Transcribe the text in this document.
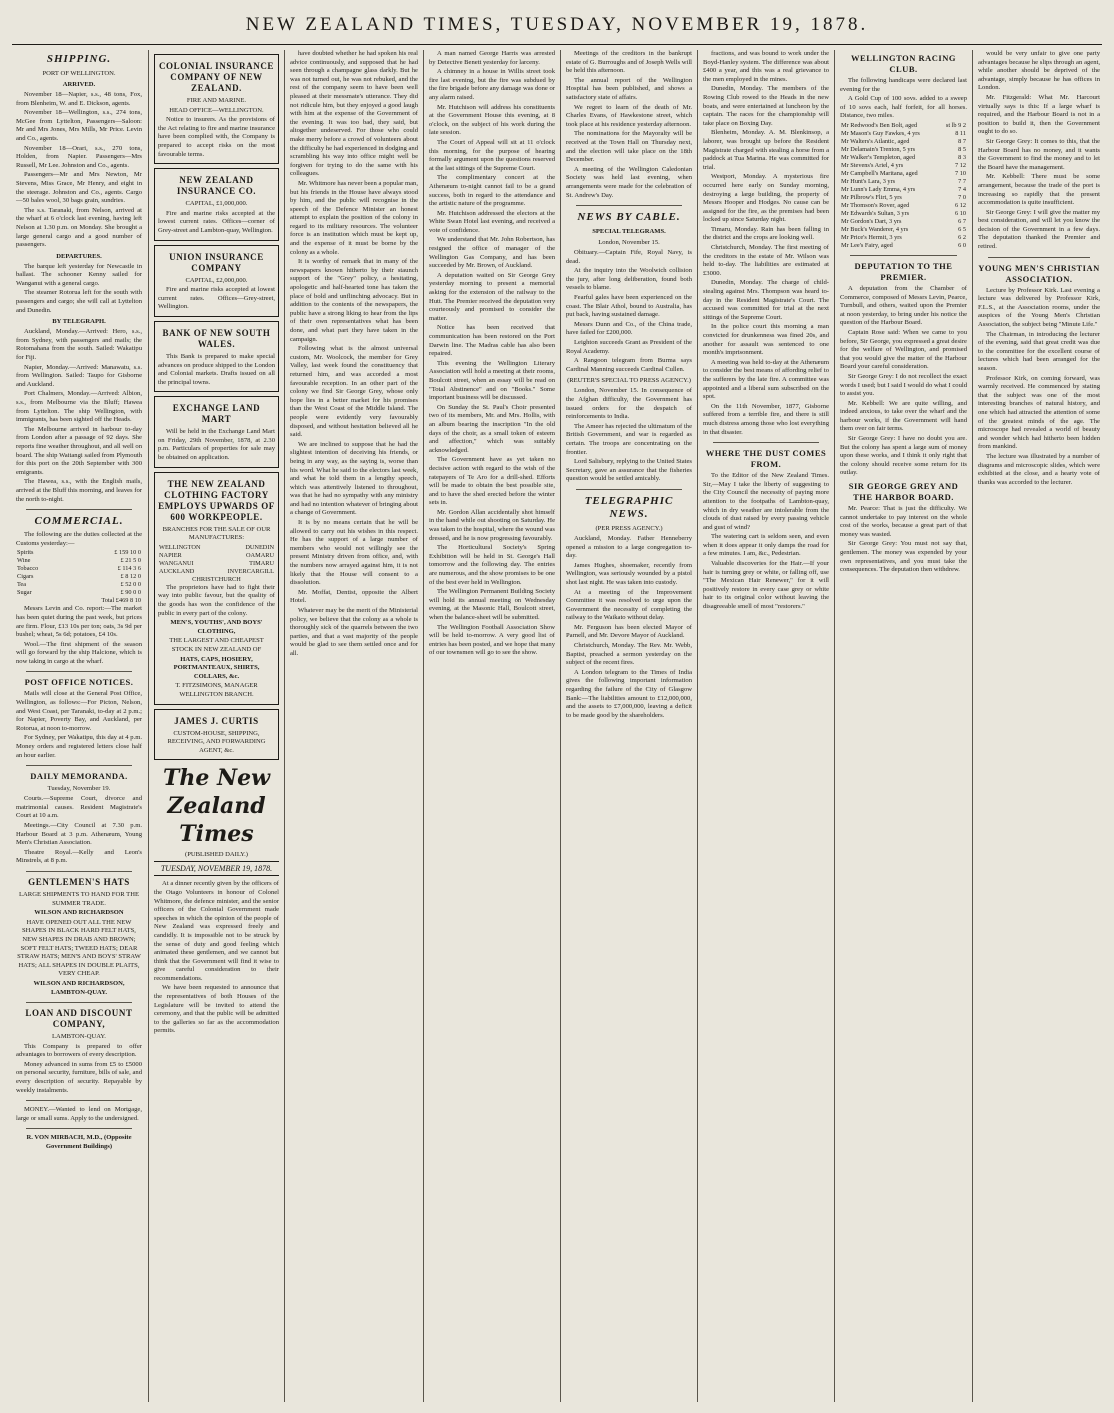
NEW ZEALAND TIMES, TUESDAY, NOVEMBER 19, 1878.
SHIPPING.
PORT OF WELLINGTON.
ARRIVED.

November 18—Napier, s.s., 48 tons, Fox, from Blenheim, W. and E. Dickson, agents.

November 18—Wellington, s.s., 274 tons, McGee from Lyttelton, Passengers—Saloon: Mr and Mrs Jones, Mrs Mills, Mr Price. Levin and Co., agents.

November 18—Orari, s.s., 270 tons, Holden, from Napier. Passengers—Mrs Russell, Mr Lee. Johnston and Co., agents.

Passengers—Mr and Mrs Newton, Mr Stevens, Miss Grace, Mr Henry, and eight in the steerage. Johnston and Co., agents. Cargo—50 bales wool, 30 bags grain, sundries.

The s.s. Taranaki, from Nelson, arrived at the wharf at 6 o'clock last evening, having left Nelson at 1.30 p.m. on Monday. She brought a large general cargo and a good number of passengers.

DEPARTURES.

The barque left yesterday for Newcastle in ballast. The schooner Kenny sailed for Wanganui with a general cargo.

The steamer Rotorua left for the south with passengers and cargo; she will call at Lyttelton and Dunedin.

BY TELEGRAPH.

Auckland, Monday.—Arrived: Hero, s.s., from Sydney, with passengers and mails; the Rotomahana from the south. Sailed: Wakatipu for Fiji.

Napier, Monday.—Arrived: Manawatu, s.s. from Wellington. Sailed: Taupo for Gisborne and Auckland.

Port Chalmers, Monday.—Arrived: Albion, s.s., from Melbourne via the Bluff; Hawea from Lyttelton. The ship Wellington, with immigrants, has been sighted off the Heads.

The Melbourne arrived in harbour to-day from London after a passage of 92 days. She reports fine weather throughout, and all well on board. The ship Waitangi sailed from Plymouth for this port on the 20th September with 300 emigrants.

The Hawea, s.s., with the English mails, arrived at the Bluff this morning, and leaves for the north to-night.

COMMERCIAL.

The following are the duties collected at the Customs yesterday:—

Spirits	£ 159 10 0
Wine	£ 21 5 0
Tobacco	£ 114 3 6
Cigars	£ 8 12 0
Tea	£ 52 0 0
Sugar	£ 90 0 0
Total £469 8 10	

Messrs Levin and Co. report:—The market has been quiet during the past week, but prices are firm. Flour, £13 10s per ton; oats, 3s 9d per bushel; wheat, 5s 6d; potatoes, £4 10s.

Wool.—The first shipment of the season will go forward by the ship Halcione, which is now taking in cargo at the wharf.

POST OFFICE NOTICES.

Mails will close at the General Post Office, Wellington, as follows:—For Picton, Nelson, and West Coast, per Taranaki, to-day at 2 p.m.; for Napier, Poverty Bay, and Auckland, per Rotorua, at noon to-morrow.

For Sydney, per Wakatipu, this day at 4 p.m. Money orders and registered letters close half an hour earlier.

DAILY MEMORANDA.
Tuesday, November 19.

Courts.—Supreme Court, divorce and matrimonial causes. Resident Magistrate's Court at 10 a.m.

Meetings.—City Council at 7.30 p.m. Harbour Board at 3 p.m. Athenæum, Young Men's Christian Association.

Theatre Royal.—Kelly and Leon's Minstrels, at 8 p.m.

GENTLEMEN'S HATS

LARGE SHIPMENTS TO HAND FOR THE SUMMER TRADE.

WILSON AND RICHARDSON

HAVE OPENED OUT ALL THE NEW SHAPES IN BLACK HARD FELT HATS, NEW SHAPES IN DRAB AND BROWN; SOFT FELT HATS; TWEED HATS; DEAR STRAW HATS; MEN'S AND BOYS' STRAW HATS; ALL SHAPES IN DOUBLE PLAITS, VERY CHEAP.

WILSON AND RICHARDSON, LAMBTON-QUAY.

LOAN AND DISCOUNT COMPANY,

LAMBTON-QUAY.

This Company is prepared to offer advantages to borrowers of every description.

Money advanced in sums from £5 to £5000 on personal security, furniture, bills of sale, and every description of security. Repayable by weekly instalments.

MONEY.—Wanted to lend on Mortgage, large or small sums. Apply to the undersigned.

R. VON MIRBACH, M.D., (Opposite Government Buildings)

COLONIAL INSURANCE COMPANY OF NEW ZEALAND.

FIRE AND MARINE.

HEAD OFFICE—WELLINGTON.

Notice to insurers. As the provisions of the Act relating to fire and marine insurance have been complied with, the Company is prepared to accept risks on the most favourable terms.

NEW ZEALAND INSURANCE CO.

CAPITAL, £1,000,000.

Fire and marine risks accepted at the lowest current rates. Offices—corner of Grey-street and Lambton-quay, Wellington.

UNION INSURANCE COMPANY

CAPITAL, £2,000,000.

Fire and marine risks accepted at lowest current rates. Offices—Grey-street, Wellington.

BANK OF NEW SOUTH WALES.

This Bank is prepared to make special advances on produce shipped to the London and Colonial markets. Drafts issued on all the principal towns.

EXCHANGE LAND MART

Will be held in the Exchange Land Mart on Friday, 29th November, 1878, at 2.30 p.m. Particulars of properties for sale may be obtained on application.

THE NEW ZEALAND CLOTHING FACTORY EMPLOYS UPWARDS OF 600 WORKPEOPLE.

BRANCHES FOR THE SALE OF OUR MANUFACTURES:

WELLINGTON	DUNEDIN
NAPIER	OAMARU
WANGANUI	TIMARU
AUCKLAND	INVERCARGILL
CHRISTCHURCH	

The proprietors have had to fight their way into public favour, but the quality of the goods has won the confidence of the public in every part of the colony.

MEN'S, YOUTHS', AND BOYS' CLOTHING,

THE LARGEST AND CHEAPEST STOCK IN NEW ZEALAND OF

HATS, CAPS, HOSIERY, PORTMANTEAUX, SHIRTS, COLLARS, &c.

T. FITZSIMONS, MANAGER WELLINGTON BRANCH.

JAMES J. CURTIS

CUSTOM-HOUSE, SHIPPING, RECEIVING, AND FORWARDING AGENT, &c.

The New Zealand Times
(PUBLISHED DAILY.)
TUESDAY, NOVEMBER 19, 1878.

At a dinner recently given by the officers of the Otago Volunteers in honour of Colonel Whitmore, the defence minister, and the senior officers of the Colonial Government made speeches in which the opinion of the people of New Zealand was expressed freely and candidly. It is impossible not to be struck by the sense of duty and good feeling which animated these gentlemen, and we cannot but think that the Government will find it wise to give careful consideration to their recommendations.

We have been requested to announce that the representatives of both Houses of the Legislature will be invited to attend the ceremony, and that the public will be admitted to the galleries so far as the accommodation permits.

have doubted whether he had spoken his real advice continuously, and supposed that he had seen through a champagne glass darkly. But he was not turned out, he was not rebuked, and the rest of the company seem to have been well pleased at their messmate's utterance. They did not ridicule him, but they enjoyed a good laugh with him at the expense of the Government of the evening. It was too bad, they said, but altogether undeserved. For those who could make merry before a crowd of volunteers about the difficulty he had experienced in dodging and scrambling his way into office might well be forgiven for trying to do the same with his colleagues.

Mr. Whitmore has never been a popular man, but his friends in the House have always stood by him, and the public will recognise in the speech of the Defence Minister an honest attempt to explain the position of the colony in regard to its military resources. The volunteer force is an institution which must be kept up, and the expense of it must be borne by the colony as a whole.

It is worthy of remark that in many of the newspapers known hitherto by their staunch support of the "Grey" policy, a hesitating, apologetic and half-hearted tone has taken the place of bold and unflinching advocacy. But in addition to the contents of the newspapers, the public have a strong liking to hear from the lips of their own representatives what has been done, and what part they have taken in the campaign.

Following what is the almost universal custom, Mr. Woolcock, the member for Grey Valley, last week found the constituency that returned him, and was accorded a most favourable reception. In an other part of the colony we find Sir George Grey, whose only hope lies in a better market for his promises than the West Coast of the Middle Island. The people were evidently very favourably disposed, and without hesitation believed all he said.

We are inclined to suppose that he had the slightest intention of deceiving his friends, or being in any way, as the saying is, worse than his word. What he said to the electors last week, and what he told them in a lengthy speech, which was attentively listened to throughout, was that he had no sympathy with any ministry and had no intention whatever of bringing about a change of Government.

It is by no means certain that he will be allowed to carry out his wishes in this respect. He has the support of a large number of members who would not willingly see the present Ministry driven from office, and, with the numbers now arrayed against him, it is not likely that the House will consent to a dissolution.

Mr. Moffat, Dentist, opposite the Albert Hotel.

Whatever may be the merit of the Ministerial policy, we believe that the colony as a whole is thoroughly sick of the quarrels between the two parties, and that a vast majority of the people would be glad to see them settled once and for all.

A man named George Harris was arrested by Detective Benett yesterday for larceny.

A chimney in a house in Willis street took fire last evening, but the fire was subdued by the fire brigade before any damage was done or any alarm raised.

Mr. Hutchison will address his constituents at the Government House this evening, at 8 o'clock, on the subject of his work during the late session.

The Court of Appeal will sit at 11 o'clock this morning, for the purpose of hearing formally argument upon the questions reserved at the last sittings of the Supreme Court.

The complimentary concert at the Athenæum to-night cannot fail to be a grand success, both in regard to the attendance and the artistic nature of the programme.

Mr. Hutchison addressed the electors at the White Swan Hotel last evening, and received a vote of confidence.

We understand that Mr. John Robertson, has resigned the office of manager of the Wellington Gas Company, and has been succeeded by Mr. Brown, of Auckland.

A deputation waited on Sir George Grey yesterday morning to present a memorial asking for the extension of the railway to the Hutt. The Premier received the deputation very courteously and promised to consider the matter.

Notice has been received that communication has been restored on the Port Darwin line. The Madras cable has also been repaired.

This evening the Wellington Literary Association will hold a meeting at their rooms, Boulcott street, when an essay will be read on "Total Abstinence" and on "Books." Some important business will be discussed.

On Sunday the St. Paul's Choir presented two of its members, Mr. and Mrs. Hollis, with an album bearing the inscription "In the old days of the choir, as a small token of esteem and affection," which was suitably acknowledged.

The Government have as yet taken no decisive action with regard to the wish of the ratepayers of Te Aro for a drill-shed. Efforts will be made to obtain the best possible site, and to have the shed erected before the winter sets in.

Mr. Gordon Allan accidentally shot himself in the hand while out shooting on Saturday. He was taken to the hospital, where the wound was dressed, and he is now progressing favourably.

The Horticultural Society's Spring Exhibition will be held in St. George's Hall tomorrow and the following day. The entries are numerous, and the show promises to be one of the best ever held in Wellington.

The Wellington Permanent Building Society will hold its annual meeting on Wednesday evening, at the Masonic Hall, Boulcott street, when the balance-sheet will be submitted.

The Wellington Football Association Show will be held to-morrow. A very good list of entries has been posted, and we hope that many of our townsmen will go to see the show.

Meetings of the creditors in the bankrupt estate of G. Burroughs and of Joseph Wells will be held this afternoon.

The annual report of the Wellington Hospital has been published, and shows a satisfactory state of affairs.

We regret to learn of the death of Mr. Charles Evans, of Hawkestone street, which took place at his residence yesterday afternoon.

The nominations for the Mayoralty will be received at the Town Hall on Thursday next, and the election will take place on the 18th December.

A meeting of the Wellington Caledonian Society was held last evening, when arrangements were made for the celebration of St. Andrew's Day.

NEWS BY CABLE.
SPECIAL TELEGRAMS.
London, November 15.

Obituary.—Captain Fife, Royal Navy, is dead.

At the inquiry into the Woolwich collision the jury, after long deliberation, found both vessels to blame.

Fearful gales have been experienced on the coast. The Blair Athol, bound to Australia, has put back, having sustained damage.

Messrs Dunn and Co., of the China trade, have failed for £200,000.

Leighton succeeds Grant as President of the Royal Academy.

A Rangoon telegram from Burma says Cardinal Manning succeeds Cardinal Cullen.

(REUTER'S SPECIAL TO PRESS AGENCY.)

London, November 15. In consequence of the Afghan difficulty, the Government has issued orders for the despatch of reinforcements to India.

The Ameer has rejected the ultimatum of the British Government, and war is regarded as certain. The troops are concentrating on the frontier.

Lord Salisbury, replying to the United States Secretary, gave an assurance that the fisheries question would be settled amicably.

TELEGRAPHIC NEWS.
(PER PRESS AGENCY.)

Auckland, Monday. Father Henneberry opened a mission to a large congregation to-day.

James Hughes, shoemaker, recently from Wellington, was seriously wounded by a pistol shot last night. He was taken into custody.

At a meeting of the Improvement Committee it was resolved to urge upon the Government the necessity of completing the railway to the Waikato without delay.

Mr. Ferguson has been elected Mayor of Parnell, and Mr. Devore Mayor of Auckland.

Christchurch, Monday. The Rev. Mr. Webb, Baptist, preached a sermon yesterday on the subject of the recent fires.

A London telegram to the Times of India gives the following important information regarding the failure of the City of Glasgow Bank:—The liabilities amount to £12,000,000, and the assets to £7,000,000, leaving a deficit to be made good by the shareholders.

fractions, and was bound to work under the Boyd-Hanley system. The difference was about £400 a year, and this was a real grievance to the men employed in the mines.

Dunedin, Monday. The members of the Rowing Club rowed to the Heads in the new boats, and were entertained at luncheon by the captain. The races for the championship will take place on Boxing Day.

Blenheim, Monday. A. M. Blenkinsop, a laborer, was brought up before the Resident Magistrate charged with stealing a horse from a paddock at Tua Marina. He was committed for trial.

Westport, Monday. A mysterious fire occurred here early on Sunday morning, destroying a large building, the property of Messrs Hooper and Hodges. No cause can be assigned for the fire, as the premises had been locked up since Saturday night.

Timaru, Monday. Rain has been falling in the district and the crops are looking well.

Christchurch, Monday. The first meeting of the creditors in the estate of Mr. Wilson was held to-day. The liabilities are estimated at £3000.

Dunedin, Monday. The charge of child-stealing against Mrs. Thompson was heard to-day in the Resident Magistrate's Court. The accused was committed for trial at the next sittings of the Supreme Court.

In the police court this morning a man convicted for drunkenness was fined 20s, and another for assault was sentenced to one month's imprisonment.

A meeting was held to-day at the Athenæum to consider the best means of affording relief to the sufferers by the late fire. A committee was appointed and a liberal sum subscribed on the spot.

On the 11th November, 1877, Gisborne suffered from a terrible fire, and there is still much distress among those who lost everything in that disaster.

WHERE THE DUST COMES FROM.

To the Editor of the New Zealand Times. Sir,—May I take the liberty of suggesting to the City Council the necessity of paying more attention to the footpaths of Lambton-quay, which in dry weather are intolerable from the clouds of dust raised by every passing vehicle and gust of wind?

The watering cart is seldom seen, and even when it does appear it only damps the road for a few minutes. I am, &c., Pedestrian.

Valuable discoveries for the Hair.—If your hair is turning grey or white, or falling off, use "The Mexican Hair Renewer," for it will positively restore in every case grey or white hair to its original color without leaving the disagreeable smell of most "restorers."

WELLINGTON RACING CLUB.

The following handicaps were declared last evening for the

A Gold Cup of 100 sovs. added to a sweep of 10 sovs each, half forfeit, for all horses. Distance, two miles.

Mr Redwood's Ben Bolt, aged	st lb 9 2
Mr Mason's Guy Fawkes, 4 yrs	8 11
Mr Walters's Atlantic, aged	8 7
Mr Delamain's Trenton, 5 yrs	8 5
Mr Walker's Templeton, aged	8 3
Mr Stevens's Ariel, 4 yrs	7 12
Mr Campbell's Maritana, aged	7 10
Mr Hunt's Lara, 3 yrs	7 7
Mr Lunn's Lady Emma, 4 yrs	7 4
Mr Pilbrow's Flirt, 5 yrs	7 0
Mr Thomson's Rover, aged	6 12
Mr Edwards's Sultan, 3 yrs	6 10
Mr Gordon's Dart, 3 yrs	6 7
Mr Buck's Wanderer, 4 yrs	6 5
Mr Price's Hermit, 3 yrs	6 2
Mr Lee's Fairy, aged	6 0
DEPUTATION TO THE PREMIER.

A deputation from the Chamber of Commerce, composed of Messrs Levin, Pearce, Turnbull, and others, waited upon the Premier at noon yesterday, to bring under his notice the question of the Harbour Board.

Captain Rose said: When we came to you before, Sir George, you expressed a great desire for the welfare of Wellington, and promised that you would give the matter of the Harbour Board your careful consideration.

Sir George Grey: I do not recollect the exact words I used; but I said I would do what I could to assist you.

Mr. Kebbell: We are quite willing, and indeed anxious, to take over the wharf and the harbour works, if the Government will hand them over on fair terms.

Sir George Grey: I have no doubt you are. But the colony has spent a large sum of money upon these works, and I think it only right that the colony should receive some return for its outlay.

SIR GEORGE GREY AND THE HARBOR BOARD.

Mr. Pearce: That is just the difficulty. We cannot undertake to pay interest on the whole cost of the works, because a great part of that money was wasted.

Sir George Grey: You must not say that, gentlemen. The money was expended by your own representatives, and you must take the consequences. The deputation then withdrew.

would be very unfair to give one party advantages because he slips through an agent, while another should be deprived of the advantage, simply because he has offices in London.

Mr. Fitzgerald: What Mr. Harcourt virtually says is this: If a large wharf is required, and the Harbour Board is not in a position to build it, then the Government ought to do so.

Sir George Grey: It comes to this, that the Harbour Board has no money, and it wants the Government to find the money and to let the Board have the management.

Mr. Kebbell: There must be some arrangement, because the trade of the port is increasing so rapidly that the present accommodation is quite insufficient.

Sir George Grey: I will give the matter my best consideration, and will let you know the decision of the Government in a few days. The deputation thanked the Premier and retired.

YOUNG MEN'S CHRISTIAN ASSOCIATION.

Lecture by Professor Kirk. Last evening a lecture was delivered by Professor Kirk, F.L.S., at the Association rooms, under the auspices of the Young Men's Christian Association, the subject being "Minute Life."

The Chairman, in introducing the lecturer of the evening, said that great credit was due to the committee for the excellent course of lectures which had been arranged for the season.

Professor Kirk, on coming forward, was warmly received. He commenced by stating that the subject was one of the most interesting branches of natural history, and one which had attracted the attention of some of the greatest minds of the age. The microscope had revealed a world of beauty and wonder which had hitherto been hidden from mankind.

The lecture was illustrated by a number of diagrams and microscopic slides, which were exhibited at the close, and a hearty vote of thanks was accorded to the lecturer.
